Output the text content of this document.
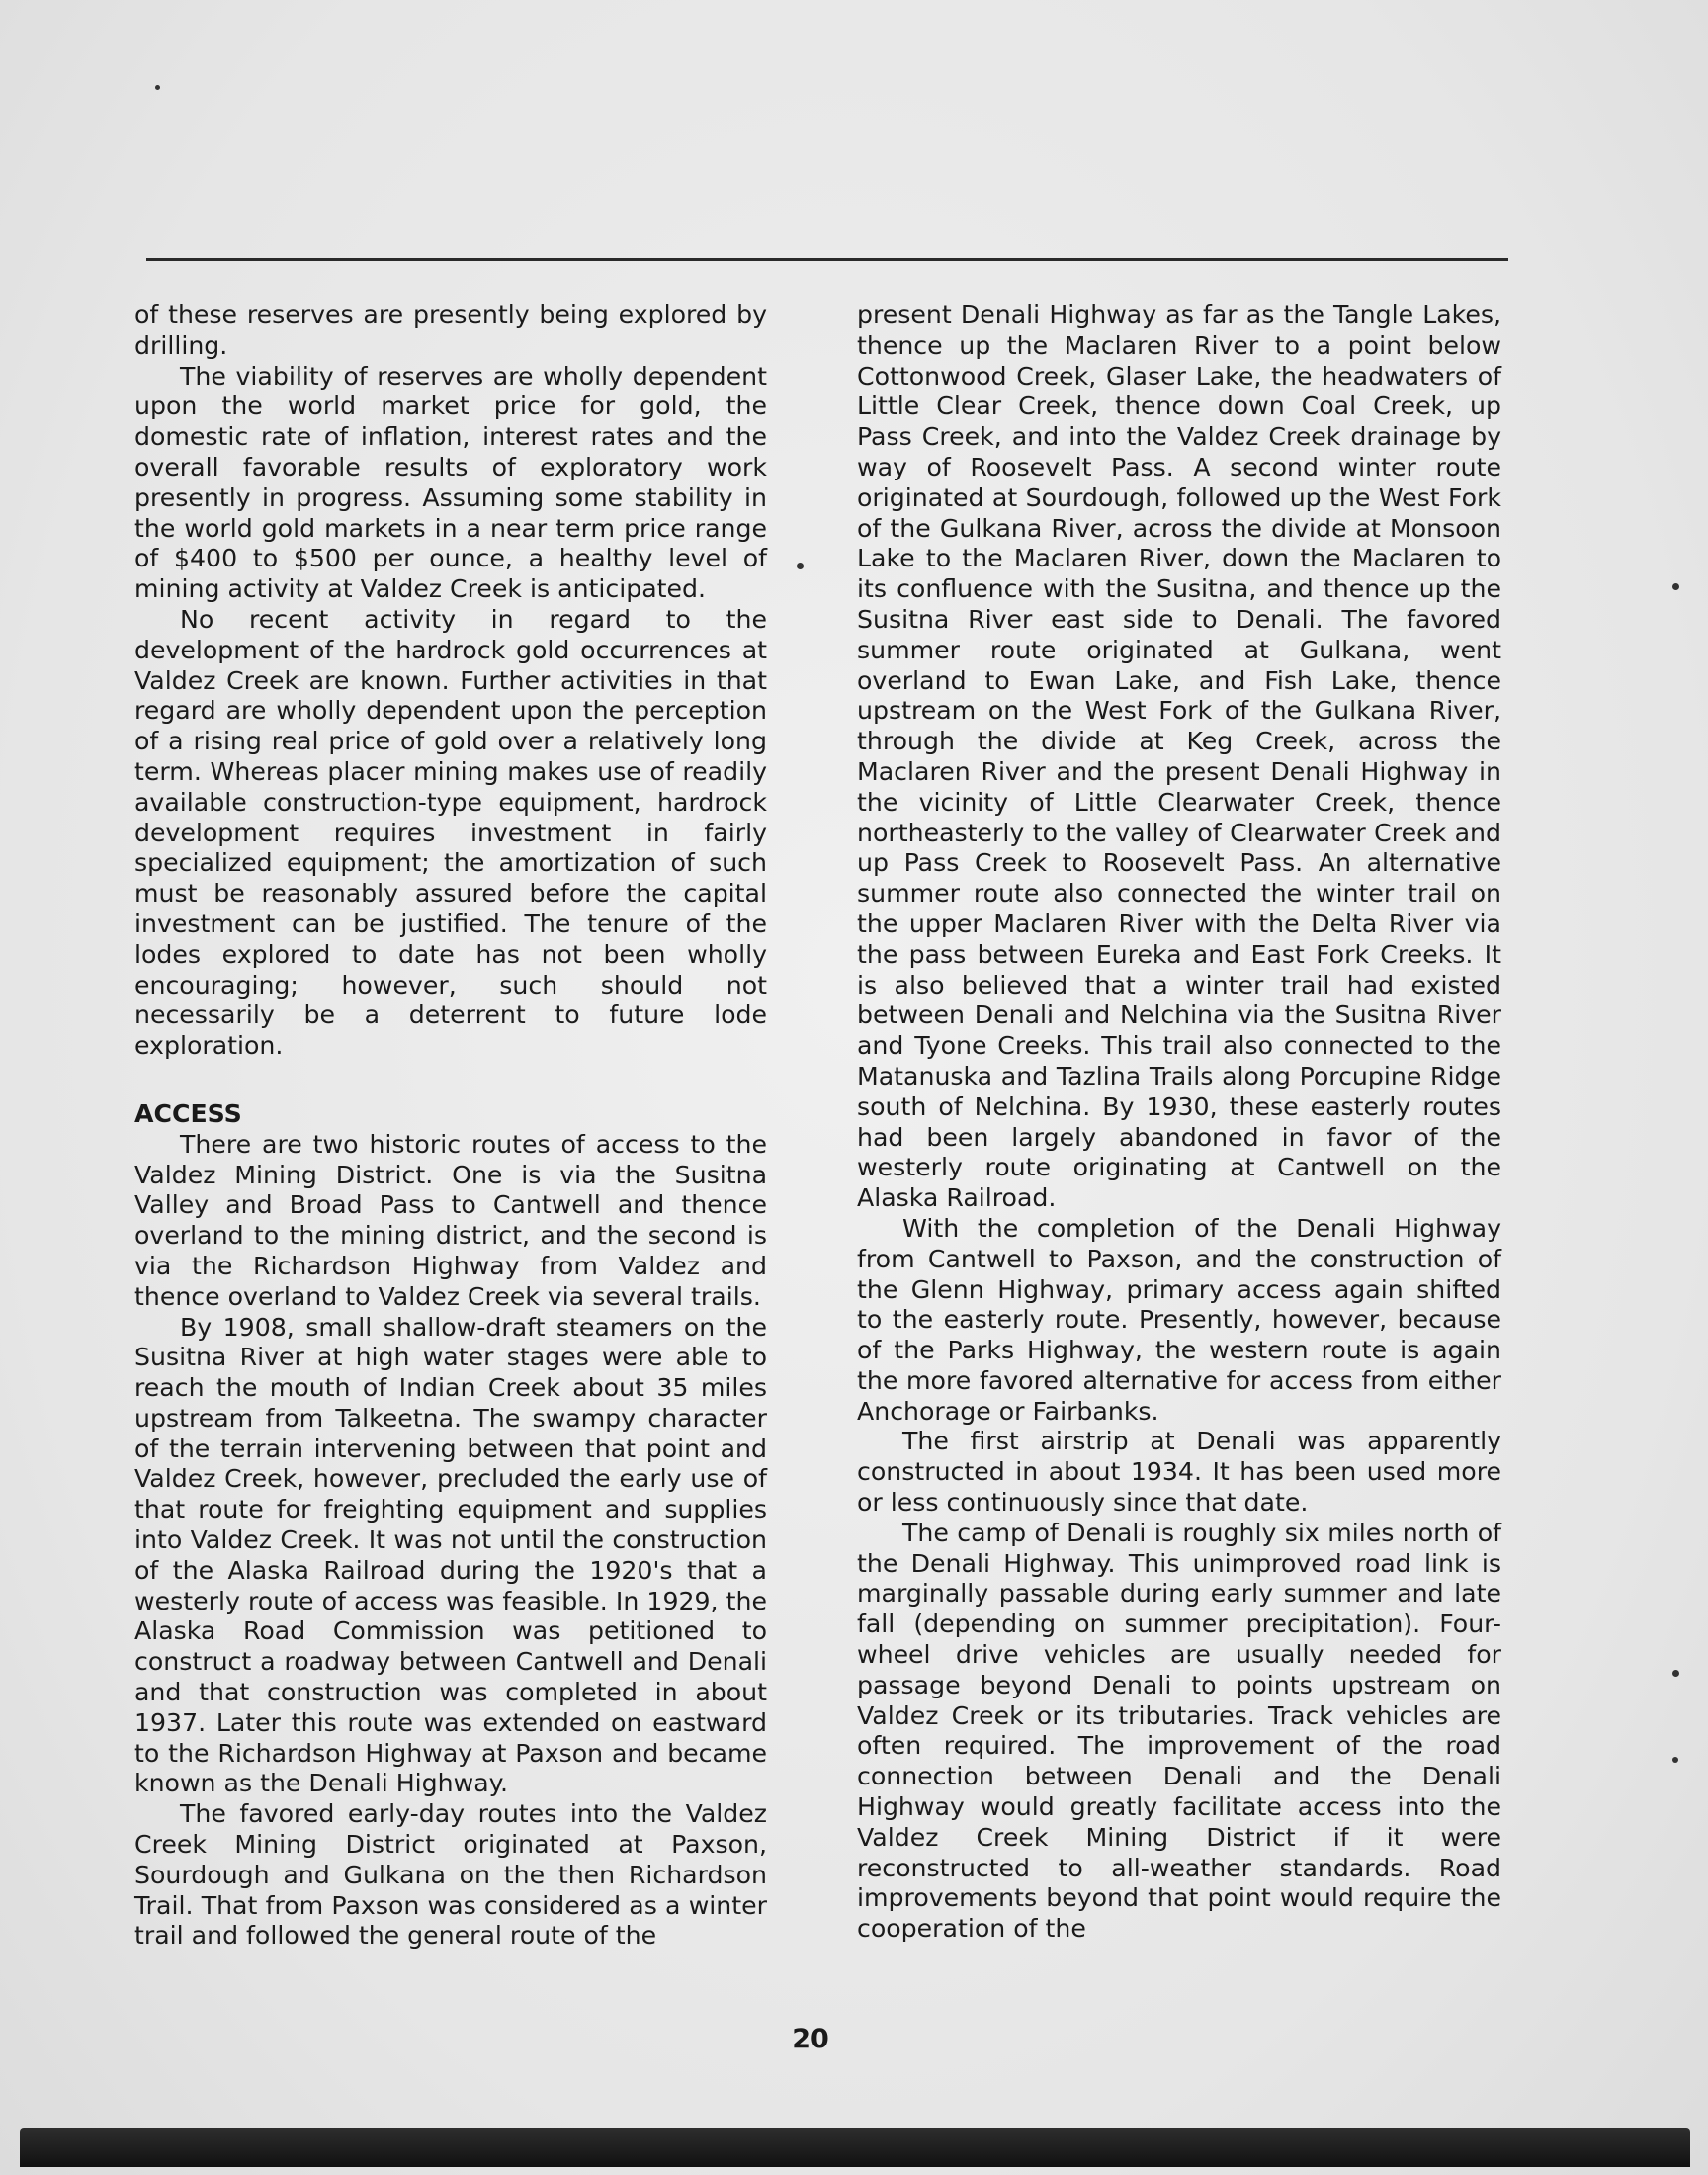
of these reserves are presently being explored by drilling.

The viability of reserves are wholly dependent upon the world market price for gold, the domestic rate of inflation, interest rates and the overall favorable results of exploratory work presently in progress. Assuming some stability in the world gold markets in a near term price range of $400 to $500 per ounce, a healthy level of mining activity at Valdez Creek is anticipated.

No recent activity in regard to the development of the hardrock gold occurrences at Valdez Creek are known. Further activities in that regard are wholly dependent upon the perception of a rising real price of gold over a relatively long term. Whereas placer mining makes use of readily available construction-type equipment, hardrock development requires investment in fairly specialized equipment; the amortization of such must be reasonably assured before the capital investment can be justified. The tenure of the lodes explored to date has not been wholly encouraging; however, such should not necessarily be a deterrent to future lode exploration.

ACCESS

There are two historic routes of access to the Valdez Mining District. One is via the Susitna Valley and Broad Pass to Cantwell and thence overland to the mining district, and the second is via the Richardson Highway from Valdez and thence overland to Valdez Creek via several trails.

By 1908, small shallow-draft steamers on the Susitna River at high water stages were able to reach the mouth of Indian Creek about 35 miles upstream from Talkeetna. The swampy character of the terrain intervening between that point and Valdez Creek, however, precluded the early use of that route for freighting equipment and supplies into Valdez Creek. It was not until the construction of the Alaska Railroad during the 1920's that a westerly route of access was feasible. In 1929, the Alaska Road Commission was petitioned to construct a roadway between Cantwell and Denali and that construction was completed in about 1937. Later this route was extended on eastward to the Richardson Highway at Paxson and became known as the Denali Highway.

The favored early-day routes into the Valdez Creek Mining District originated at Paxson, Sourdough and Gulkana on the then Richardson Trail. That from Paxson was considered as a winter trail and followed the general route of the

present Denali Highway as far as the Tangle Lakes, thence up the Maclaren River to a point below Cottonwood Creek, Glaser Lake, the headwaters of Little Clear Creek, thence down Coal Creek, up Pass Creek, and into the Valdez Creek drainage by way of Roosevelt Pass. A second winter route originated at Sourdough, followed up the West Fork of the Gulkana River, across the divide at Monsoon Lake to the Maclaren River, down the Maclaren to its confluence with the Susitna, and thence up the Susitna River east side to Denali. The favored summer route originated at Gulkana, went overland to Ewan Lake, and Fish Lake, thence upstream on the West Fork of the Gulkana River, through the divide at Keg Creek, across the Maclaren River and the present Denali Highway in the vicinity of Little Clearwater Creek, thence northeasterly to the valley of Clearwater Creek and up Pass Creek to Roosevelt Pass. An alternative summer route also connected the winter trail on the upper Maclaren River with the Delta River via the pass between Eureka and East Fork Creeks. It is also believed that a winter trail had existed between Denali and Nelchina via the Susitna River and Tyone Creeks. This trail also connected to the Matanuska and Tazlina Trails along Porcupine Ridge south of Nelchina. By 1930, these easterly routes had been largely abandoned in favor of the westerly route originating at Cantwell on the Alaska Railroad.

With the completion of the Denali Highway from Cantwell to Paxson, and the construction of the Glenn Highway, primary access again shifted to the easterly route. Presently, however, because of the Parks Highway, the western route is again the more favored alternative for access from either Anchorage or Fairbanks.

The first airstrip at Denali was apparently constructed in about 1934. It has been used more or less continuously since that date.

The camp of Denali is roughly six miles north of the Denali Highway. This unimproved road link is marginally passable during early summer and late fall (depending on summer precipitation). Four-wheel drive vehicles are usually needed for passage beyond Denali to points upstream on Valdez Creek or its tributaries. Track vehicles are often required. The improvement of the road connection between Denali and the Denali Highway would greatly facilitate access into the Valdez Creek Mining District if it were reconstructed to all-weather standards. Road improvements beyond that point would require the cooperation of the

20
